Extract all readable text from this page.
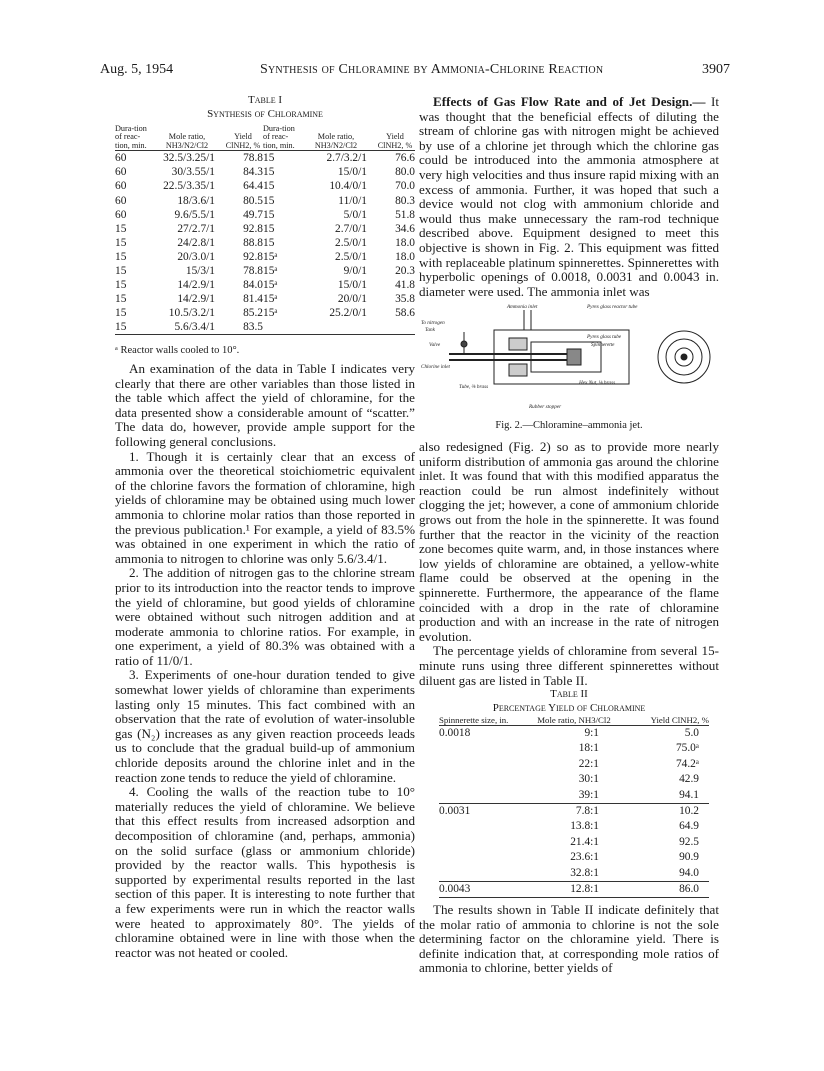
Aug. 5, 1954	Synthesis of Chloramine by Ammonia-Chlorine Reaction	3907
Table I
Synthesis of Chloramine
Dura-tion of reac-tion, min.	Mole ratio, NH3/N2/Cl2	Yield ClNH2, %	Dura-tion of reac-tion, min.	Mole ratio, NH3/N2/Cl2	Yield ClNH2, %
60	32.5/3.25/1	78.8	15	2.7/3.2/1	76.6
60	30/3.55/1	84.3	15	15/0/1	80.0
60	22.5/3.35/1	64.4	15	10.4/0/1	70.0
60	18/3.6/1	80.5	15	11/0/1	80.3
60	9.6/5.5/1	49.7	15	5/0/1	51.8
15	27/2.7/1	92.8	15	2.7/0/1	34.6
15	24/2.8/1	88.8	15	2.5/0/1	18.0
15	20/3.0/1	92.8	15ᵃ	2.5/0/1	18.0
15	15/3/1	78.8	15ᵃ	9/0/1	20.3
15	14/2.9/1	84.0	15ᵃ	15/0/1	41.8
15	14/2.9/1	81.4	15ᵃ	20/0/1	35.8
15	10.5/3.2/1	85.2	15ᵃ	25.2/0/1	58.6
15	5.6/3.4/1	83.5			
ᵃ Reactor walls cooled to 10°.

An examination of the data in Table I indicates very clearly that there are other variables than those listed in the table which affect the yield of chloramine, for the data presented show a considerable amount of “scatter.” The data do, however, provide ample support for the following general conclusions.

1. Though it is certainly clear that an excess of ammonia over the theoretical stoichiometric equivalent of the chlorine favors the formation of chloramine, high yields of chloramine may be obtained using much lower ammonia to chlorine molar ratios than those reported in the previous publication.¹ For example, a yield of 83.5% was obtained in one experiment in which the ratio of ammonia to nitrogen to chlorine was only 5.6/3.4/1.

2. The addition of nitrogen gas to the chlorine stream prior to its introduction into the reactor tends to improve the yield of chloramine, but good yields of chloramine were obtained without such nitrogen addition and at moderate ammonia to chlorine ratios. For example, in one experiment, a yield of 80.3% was obtained with a ratio of 11/0/1.

3. Experiments of one-hour duration tended to give somewhat lower yields of chloramine than experiments lasting only 15 minutes. This fact combined with an observation that the rate of evolution of water-insoluble gas (N₂) increases as any given reaction proceeds leads us to conclude that the gradual build-up of ammonium chloride deposits around the chlorine inlet and in the reaction zone tends to reduce the yield of chloramine.

4. Cooling the walls of the reaction tube to 10° materially reduces the yield of chloramine. We believe that this effect results from increased adsorption and decomposition of chloramine (and, perhaps, ammonia) on the solid surface (glass or ammonium chloride) provided by the reactor walls. This hypothesis is supported by experimental results reported in the last section of this paper. It is interesting to note further that a few experiments were run in which the reactor walls were heated to approximately 80°. The yields of chloramine obtained were in line with those when the reactor was not heated or cooled.

Effects of Gas Flow Rate and of Jet Design.— It was thought that the beneficial effects of diluting the stream of chlorine gas with nitrogen might be achieved by use of a chlorine jet through which the chlorine gas could be introduced into the ammonia atmosphere at very high velocities and thus insure rapid mixing with an excess of ammonia. Further, it was hoped that such a device would not clog with ammonium chloride and would thus make unnecessary the ram-rod technique described above. Equipment designed to meet this objective is shown in Fig. 2. This equipment was fitted with replaceable platinum spinnerettes. Spinnerettes with hyperbolic openings of 0.0018, 0.0031 and 0.0043 in. diameter were used. The ammonia inlet was

Ammonia inlet	Pyrex glass reactor tube
To nitrogen
Tank
Valve
Pyrex glass tube
Spinnerette
Chlorine inlet
Tube, ⅜ brass
Hex.Nut, ⅛ brass
Rubber stopper
Fig. 2.—Chloramine–ammonia jet.

also redesigned (Fig. 2) so as to provide more nearly uniform distribution of ammonia gas around the chlorine inlet. It was found that with this modified apparatus the reaction could be run almost indefinitely without clogging the jet; however, a cone of ammonium chloride grows out from the hole in the spinnerette. It was found further that the reactor in the vicinity of the reaction zone becomes quite warm, and, in those instances where low yields of chloramine are obtained, a yellow-white flame could be observed at the opening in the spinnerette. Furthermore, the appearance of the flame coincided with a drop in the rate of chloramine production and with an increase in the rate of nitrogen evolution.

The percentage yields of chloramine from several 15-minute runs using three different spinnerettes without diluent gas are listed in Table II.

Table II
Percentage Yield of Chloramine
Spinnerette size, in.	Mole ratio, NH3/Cl2	Yield ClNH2, %
0.0018	9:1	5.0
	18:1	75.0ᵃ
	22:1	74.2ᵃ
	30:1	42.9
	39:1	94.1
0.0031	7.8:1	10.2
	13.8:1	64.9
	21.4:1	92.5
	23.6:1	90.9
	32.8:1	94.0
0.0043	12.8:1	86.0

The results shown in Table II indicate definitely that the molar ratio of ammonia to chlorine is not the sole determining factor on the chloramine yield. There is definite indication that, at corresponding mole ratios of ammonia to chlorine, better yields of
